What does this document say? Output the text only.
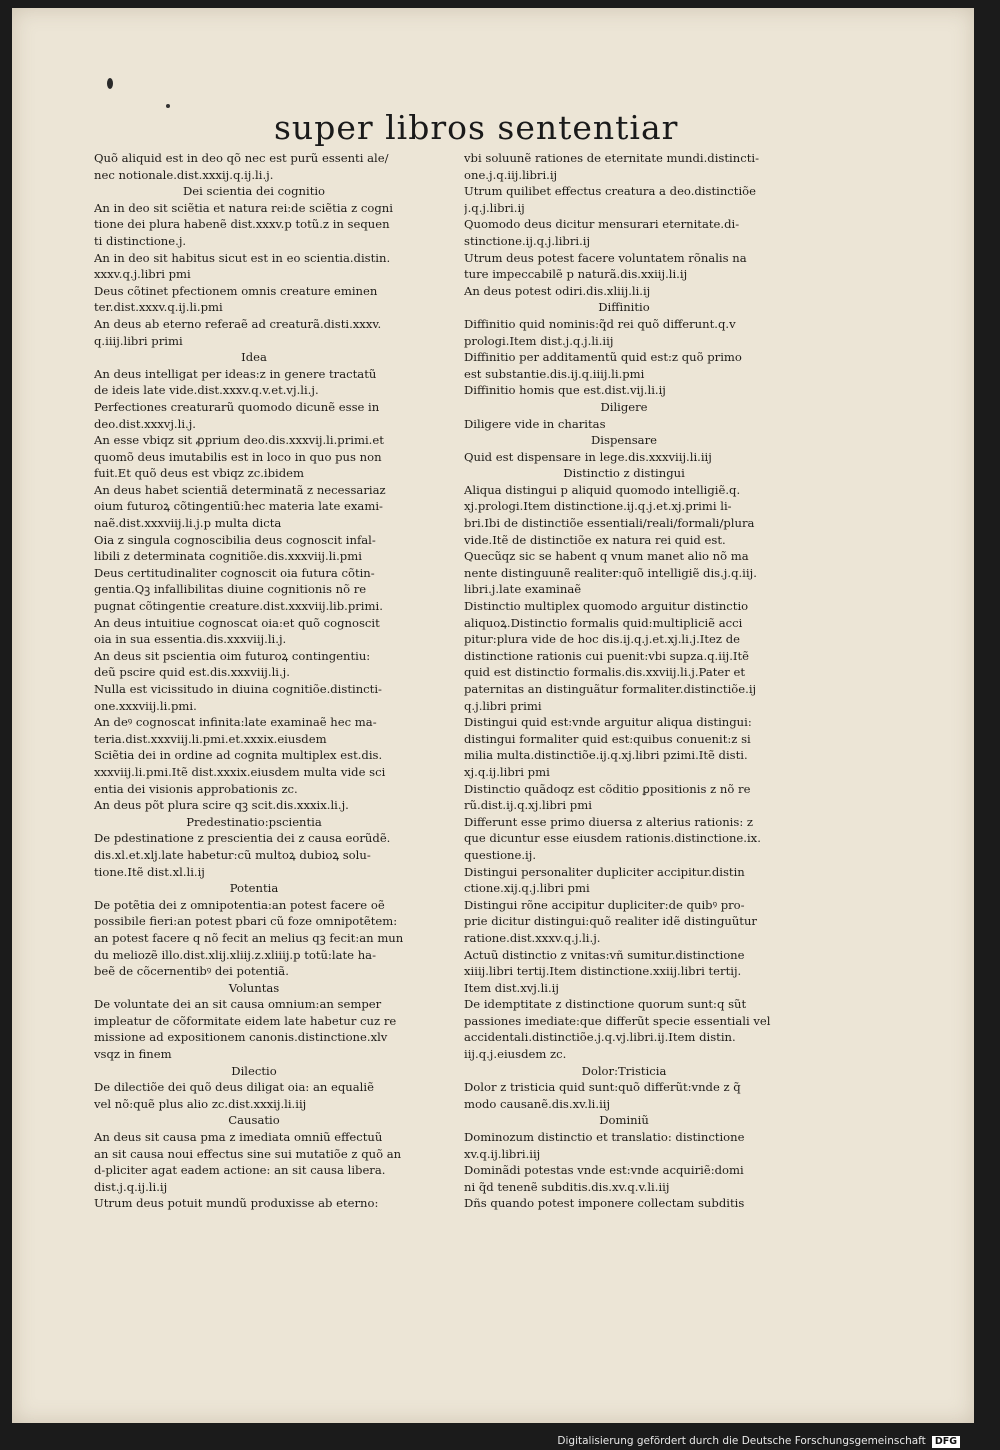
super libros sententiar
Quõ aliquid est in deo qõ nec est purũ essenti ale/
nec notionale.dist.xxxij.q.ij.li.j.
Dei scientia dei cognitio
An in deo sit sciẽtia et natura rei:de sciẽtia z cogni
tione dei plura habenẽ dist.xxxv.p totũ.z in sequen
ti distinctione.j.
An in deo sit habitus sicut est in eo scientia.distin.
xxxv.q.j.libri pmi
Deus cõtinet pfectionem omnis creature eminen
ter.dist.xxxv.q.ij.li.pmi
An deus ab eterno referaẽ ad creaturã.disti.xxxv.
q.iiij.libri primi
Idea
An deus intelligat per ideas:z in genere tractatũ
de ideis late vide.dist.xxxv.q.v.et.vj.li.j.
Perfectiones creaturarũ quomodo dicunẽ esse in
deo.dist.xxxvj.li.j.
An esse vbiqz sit ꝓprium deo.dis.xxxvij.li.primi.et
quomõ deus imutabilis est in loco in quo pus non
fuit.Et quõ deus est vbiqz zc.ibidem
An deus habet scientiã determinatã z necessariaz
oium futuroꝝ cõtingentiũ:hec materia late exami-
naẽ.dist.xxxviij.li.j.p multa dicta
Oia z singula cognoscibilia deus cognoscit infal-
libili z determinata cognitiõe.dis.xxxviij.li.pmi
Deus certitudinaliter cognoscit oia futura cõtin-
gentia.Qꝫ infallibilitas diuine cognitionis nõ re
pugnat cõtingentie creature.dist.xxxviij.lib.primi.
An deus intuitiue cognoscat oia:et quõ cognoscit
oia in sua essentia.dis.xxxviij.li.j.
An deus sit pscientia oim futuroꝝ contingentiu:
deũ pscire quid est.dis.xxxviij.li.j.
Nulla est vicissitudo in diuina cognitiõe.distincti-
one.xxxviij.li.pmi.
An deꝰ cognoscat infinita:late examinaẽ hec ma-
teria.dist.xxxviij.li.pmi.et.xxxix.eiusdem
Sciẽtia dei in ordine ad cognita multiplex est.dis.
xxxviij.li.pmi.Itẽ dist.xxxix.eiusdem multa vide sci
entia dei visionis approbationis zc.
An deus põt plura scire qꝫ scit.dis.xxxix.li.j.
Predestinatio:pscientia
De pdestinatione z prescientia dei z causa eorũdẽ.
dis.xl.et.xlj.late habetur:cũ multoꝝ dubioꝝ solu-
tione.Itẽ dist.xl.li.ij
Potentia
De potẽtia dei z omnipotentia:an potest facere oẽ
possibile fieri:an potest pbari cũ foze omnipotẽtem:
an potest facere q nõ fecit an melius qꝫ fecit:an mun
du meliozẽ illo.dist.xlij.xliij.z.xliiij.p totũ:late ha-
beẽ de cõcernentibꝰ dei potentiã.
Voluntas
De voluntate dei an sit causa omnium:an semper
impleatur de cõformitate eidem late habetur cuz re
missione ad expositionem canonis.distinctione.xlv
vsqz in finem
Dilectio
De dilectiõe dei quõ deus diligat oia: an equaliẽ
vel nõ:quẽ plus alio zc.dist.xxxij.li.iij
Causatio
An deus sit causa pma z imediata omniũ effectuũ
an sit causa noui effectus sine sui mutatiõe z quõ an
d-pliciter agat eadem actione: an sit causa libera.
dist.j.q.ij.li.ij
Utrum deus potuit mundũ produxisse ab eterno:
vbi soluunẽ rationes de eternitate mundi.distincti-
one.j.q.iij.libri.ij
Utrum quilibet effectus creatura a deo.distinctiõe
j.q.j.libri.ij
Quomodo deus dicitur mensurari eternitate.di-
stinctione.ij.q.j.libri.ij
Utrum deus potest facere voluntatem rõnalis na
ture impeccabilẽ p naturã.dis.xxiij.li.ij
An deus potest odiri.dis.xliij.li.ij
Diffinitio
Diffinitio quid nominis:q̃d rei quõ differunt.q.v
prologi.Item dist.j.q.j.li.iij
Diffinitio per additamentũ quid est:z quõ primo
est substantie.dis.ij.q.iiij.li.pmi
Diffinitio homis que est.dist.vij.li.ij
Diligere
Diligere vide in charitas
Dispensare
Quid est dispensare in lege.dis.xxxviij.li.iij
Distinctio z distingui
Aliqua distingui p aliquid quomodo intelligiẽ.q.
xj.prologi.Item distinctione.ij.q.j.et.xj.primi li-
bri.Ibi de distinctiõe essentiali/reali/formali/plura
vide.Itẽ de distinctiõe ex natura rei quid est.
Quecũqz sic se habent q vnum manet alio nõ ma
nente distinguunẽ realiter:quõ intelligiẽ dis.j.q.iij.
libri.j.late examinaẽ
Distinctio multiplex quomodo arguitur distinctio
aliquoꝝ.Distinctio formalis quid:multipliciẽ acci
pitur:plura vide de hoc dis.ij.q.j.et.xj.li.j.Itez de
distinctione rationis cui puenit:vbi supza.q.iij.Itẽ
quid est distinctio formalis.dis.xxviij.li.j.Pater et
paternitas an distinguãtur formaliter.distinctiõe.ij
q.j.libri primi
Distingui quid est:vnde arguitur aliqua distingui:
distingui formaliter quid est:quibus conuenit:z si
milia multa.distinctiõe.ij.q.xj.libri pzimi.Itẽ disti.
xj.q.ij.libri pmi
Distinctio quãdoqz est cõditio ꝑpositionis z nõ re
rũ.dist.ij.q.xj.libri pmi
Differunt esse primo diuersa z alterius rationis: z
que dicuntur esse eiusdem rationis.distinctione.ix.
questione.ij.
Distingui personaliter dupliciter accipitur.distin
ctione.xij.q.j.libri pmi
Distingui rõne accipitur dupliciter:de quibꝰ pro-
prie dicitur distingui:quõ realiter idẽ distinguũtur
ratione.dist.xxxv.q.j.li.j.
Actuũ distinctio z vnitas:vñ sumitur.distinctione
xiiij.libri tertij.Item distinctione.xxiij.libri tertij.
Item dist.xvj.li.ij
De idemptitate z distinctione quorum sunt:q sũt
passiones imediate:que differũt specie essentiali vel
accidentali.distinctiõe.j.q.vj.libri.ij.Item distin.
iij.q.j.eiusdem zc.
Dolor:Tristicia
Dolor z tristicia quid sunt:quõ differũt:vnde z q̃
modo causanẽ.dis.xv.li.iij
Dominiũ
Dominozum distinctio et translatio: distinctione
xv.q.ij.libri.iij
Dominãdi potestas vnde est:vnde acquiriẽ:domi
ni q̃d tenenẽ subditis.dis.xv.q.v.li.iij
Dñs quando potest imponere collectam subditis
Digitalisierung gefördert durch die Deutsche Forschungsgemeinschaft DFG
